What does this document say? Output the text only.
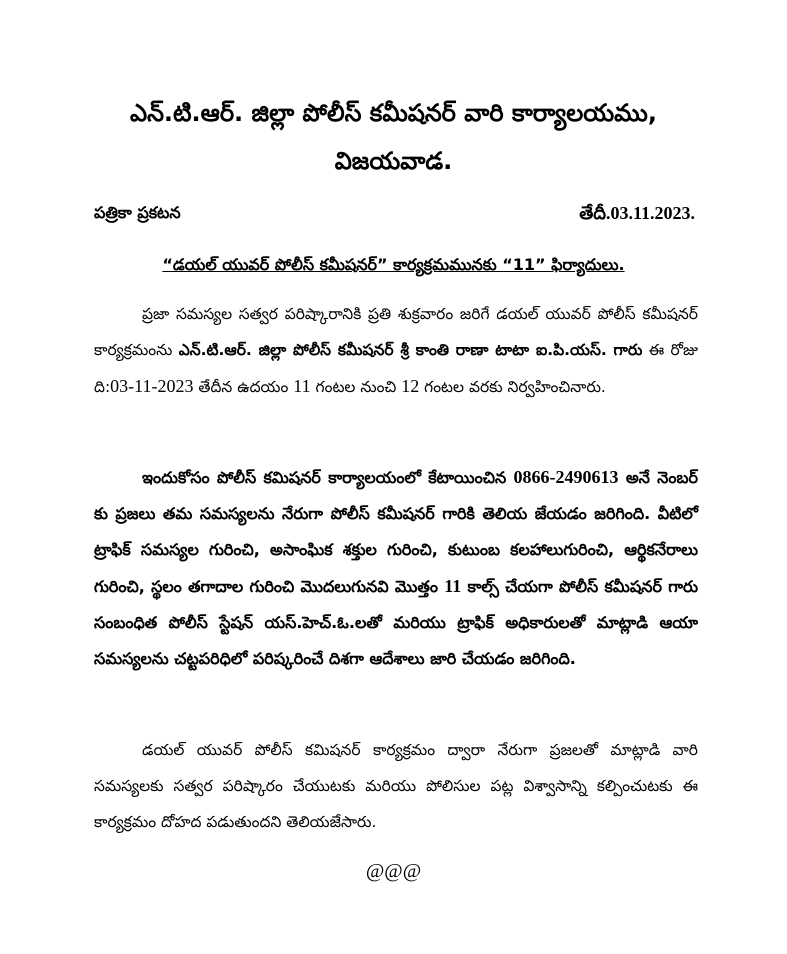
ఎన్.టి.ఆర్. జిల్లా పోలీస్ కమీషనర్ వారి కార్యాలయము,
విజయవాడ.
పత్రికా ప్రకటన	తేదీ.03.11.2023.
“డయల్ యువర్ పోలీస్ కమీషనర్” కార్యక్రమమునకు “11” ఫిర్యాదులు.

ప్రజా సమస్యల సత్వర పరిష్కారానికి ప్రతి శుక్రవారం జరిగే డయల్ యువర్ పోలీస్ కమీషనర్ కార్యక్రమంను ఎన్.టి.ఆర్. జిల్లా పోలీస్ కమీషనర్ శ్రీ కాంతి రాణా టాటా ఐ.పి.యస్. గారు ఈ రోజు ది:03-11-2023 తేదీన ఉదయం 11 గంటల నుంచి 12 గంటల వరకు నిర్వహించినారు.

ఇందుకోసం పోలీస్ కమిషనర్ కార్యాలయంలో కేటాయించిన 0866-2490613 అనే నెంబర్ కు ప్రజలు తమ సమస్యలను నేరుగా పోలీస్ కమీషనర్ గారికి తెలియ జేయడం జరిగింది. వీటిలో ట్రాఫిక్ సమస్యల గురించి, అసాంఘిక శక్తుల గురించి, కుటుంబ కలహాలుగురించి, ఆర్థికనేరాలు గురించి, స్థలం తగాదాల గురించి మొదలుగునవి మొత్తం 11 కాల్స్ చేయగా పోలీస్ కమీషనర్ గారు సంబంధిత పోలీస్ స్టేషన్ యస్.హెచ్.ఓ.లతో మరియు ట్రాఫిక్ అధికారులతో మాట్లాడి ఆయా సమస్యలను చట్టపరిధిలో పరిష్కరించే దిశగా ఆదేశాలు జారి చేయడం జరిగింది.

డయల్ యువర్ పోలీస్ కమిషనర్ కార్యక్రమం ద్వారా నేరుగా ప్రజలతో మాట్లాడి వారి సమస్యలకు సత్వర పరిష్కారం చేయుటకు మరియు పోలిసుల పట్ల విశ్వాసాన్ని కల్పించుటకు ఈ కార్యక్రమం దోహద పడుతుందని తెలియజేసారు.

@@@
